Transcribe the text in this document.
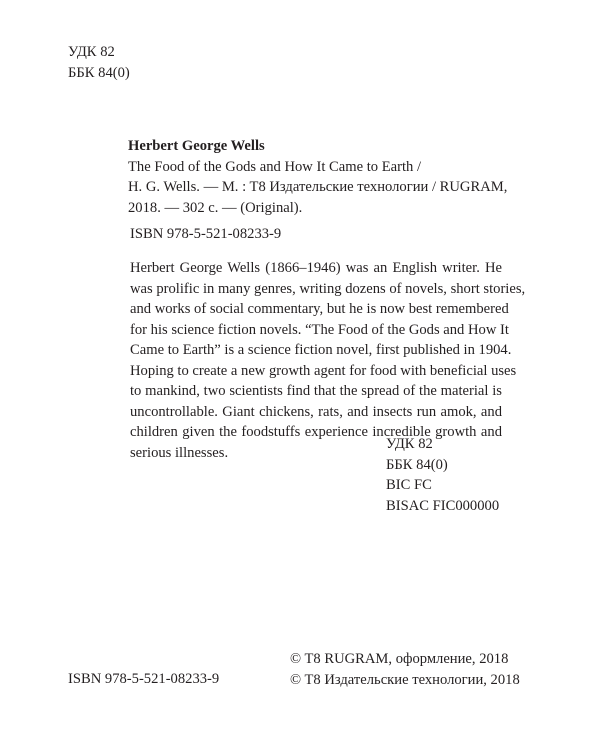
УДК 82
ББК 84(0)
Herbert George Wells
The Food of the Gods and How It Came to Earth /
H. G. Wells. — M. : T8 Издательские технологии / RUGRAM,
2018. — 302 с. — (Original).
ISBN 978-5-521-08233-9
Herbert George Wells (1866–1946) was an English writer. He
was prolific in many genres, writing dozens of novels, short stories,
and works of social commentary, but he is now best remembered
for his science fiction novels. “The Food of the Gods and How It
Came to Earth” is a science fiction novel, first published in 1904.
Hoping to create a new growth agent for food with beneficial uses
to mankind, two scientists find that the spread of the material is
uncontrollable. Giant chickens, rats, and insects run amok, and
children given the foodstuffs experience incredible growth and
serious illnesses.
УДК 82
ББК 84(0)
BIC FC
BISAC FIC000000
© T8 RUGRAM, оформление, 2018
© T8 Издательские технологии, 2018
ISBN 978-5-521-08233-9
